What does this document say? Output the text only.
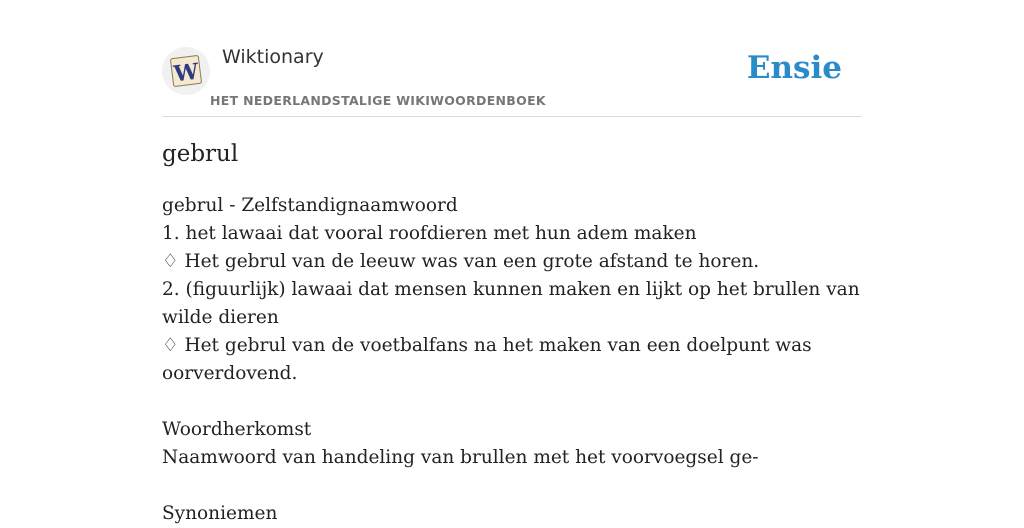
W
Wiktionary
HET NEDERLANDSTALIGE WIKIWOORDENBOEK
Ensie
gebrul

gebrul - Zelfstandignaamwoord

1. het lawaai dat vooral roofdieren met hun adem maken

♢ Het gebrul van de leeuw was van een grote afstand te horen.

2. (figuurlijk) lawaai dat mensen kunnen maken en lijkt op het brullen van wilde dieren

♢ Het gebrul van de voetbalfans na het maken van een doelpunt was oorverdovend.

Woordherkomst

Naamwoord van handeling van brullen met het voorvoegsel ge-

Synoniemen
